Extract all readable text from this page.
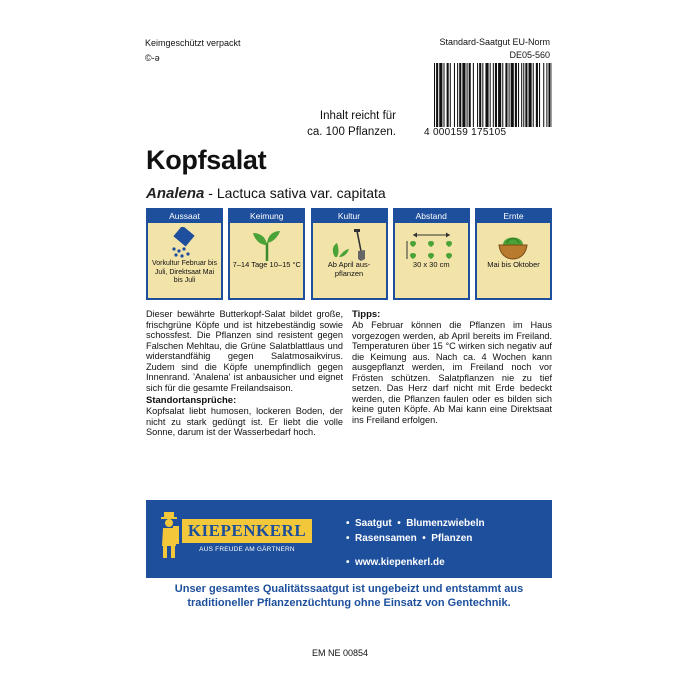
Keimgeschützt verpackt
©-ə
Standard-Saatgut EU-Norm
DE05-560
4 000159 175105
Inhalt reicht für
ca. 100 Pflanzen.
Kopfsalat
Analena - Lactuca sativa var. capitata
Aussaat
Vorkultur Februar bis Juli, Direktsaat Mai bis Juli
Keimung
7–14 Tage 10–15 °C
Kultur
Ab April aus- pflanzen
Abstand
30 x 30 cm
Ernte
Mai bis Oktober

Dieser bewährte Butterkopf-Salat bildet große, frischgrüne Köpfe und ist hitzebeständig sowie schossfest. Die Pflanzen sind resistent gegen Falschen Mehltau, die Grüne Salatblattlaus und widerstandfähig gegen Salatmosaikvirus. Zudem sind die Köpfe unempfindlich gegen Innenrand. 'Analena' ist anbausicher und eignet sich für die gesamte Freilandsaison.

Standortansprüche:

Kopfsalat liebt humosen, lockeren Boden, der nicht zu stark gedüngt ist. Er liebt die volle Sonne, darum ist der Wasserbedarf hoch.

Tipps:

Ab Februar können die Pflanzen im Haus vorgezogen werden, ab April bereits im Freiland. Temperaturen über 15 °C wirken sich negativ auf die Keimung aus. Nach ca. 4 Wochen kann ausgepflanzt werden, im Freiland noch vor Frösten schützen. Salatpflanzen nie zu tief setzen. Das Herz darf nicht mit Erde bedeckt werden, die Pflanzen faulen oder es bilden sich keine guten Köpfe. Ab Mai kann eine Direktsaat ins Freiland erfolgen.

KIEPENKERL
AUS FREUDE AM GÄRTNERN
• Saatgut • Blumenzwiebeln
• Rasensamen • Pflanzen
• www.kiepenkerl.de
Unser gesamtes Qualitätssaatgut ist ungebeizt und entstammt aus
traditioneller Pflanzenzüchtung ohne Einsatz von Gentechnik.
EM NE 00854
